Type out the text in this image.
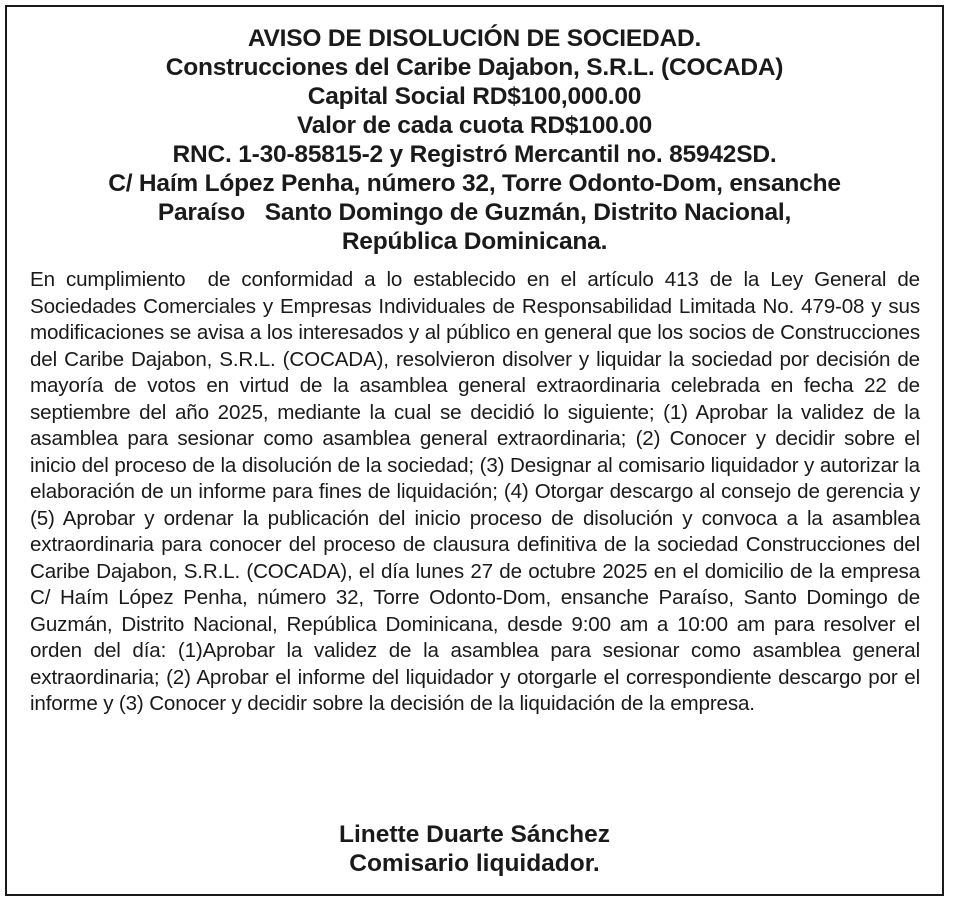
AVISO DE DISOLUCIÓN DE SOCIEDAD.
Construcciones del Caribe Dajabon, S.R.L. (COCADA)
Capital Social RD$100,000.00
Valor de cada cuota RD$100.00
RNC. 1-30-85815-2 y Registró Mercantil no. 85942SD.
C/ Haím López Penha, número 32, Torre Odonto-Dom, ensanche
Paraíso   Santo Domingo de Guzmán, Distrito Nacional,
República Dominicana.

En cumplimiento  de conformidad a lo establecido en el artículo 413 de la Ley General de Sociedades Comerciales y Empresas Individuales de Responsabilidad Limitada No. 479-08 y sus modificaciones se avisa a los interesados y al público en general que los socios de Construcciones del Caribe Dajabon, S.R.L. (COCADA), resolvieron disolver y liquidar la sociedad por decisión de mayoría de votos en virtud de la asamblea general extraordinaria celebrada en fecha 22 de septiembre del año 2025, mediante la cual se decidió lo siguiente; (1) Aprobar la validez de la asamblea para sesionar como asamblea general extraordinaria; (2) Conocer y decidir sobre el inicio del proceso de la disolución de la sociedad; (3) Designar al comisario liquidador y autorizar la elaboración de un informe para fines de liquidación; (4) Otorgar descargo al consejo de gerencia y (5) Aprobar y ordenar la publicación del inicio proceso de disolución y convoca a la asamblea extraordinaria para conocer del proceso de clausura definitiva de la sociedad Construcciones del Caribe Dajabon, S.R.L. (COCADA), el día lunes 27 de octubre 2025 en el domicilio de la empresa C/ Haím López Penha, número 32, Torre Odonto-Dom, ensanche Paraíso, Santo Domingo de Guzmán, Distrito Nacional, República Dominicana, desde 9:00 am a 10:00 am para resolver el orden del día: (1)Aprobar la validez de la asamblea para sesionar como asamblea general extraordinaria; (2) Aprobar el informe del liquidador y otorgarle el correspondiente descargo por el informe y (3) Conocer y decidir sobre la decisión de la liquidación de la empresa.

Linette Duarte Sánchez
Comisario liquidador.
